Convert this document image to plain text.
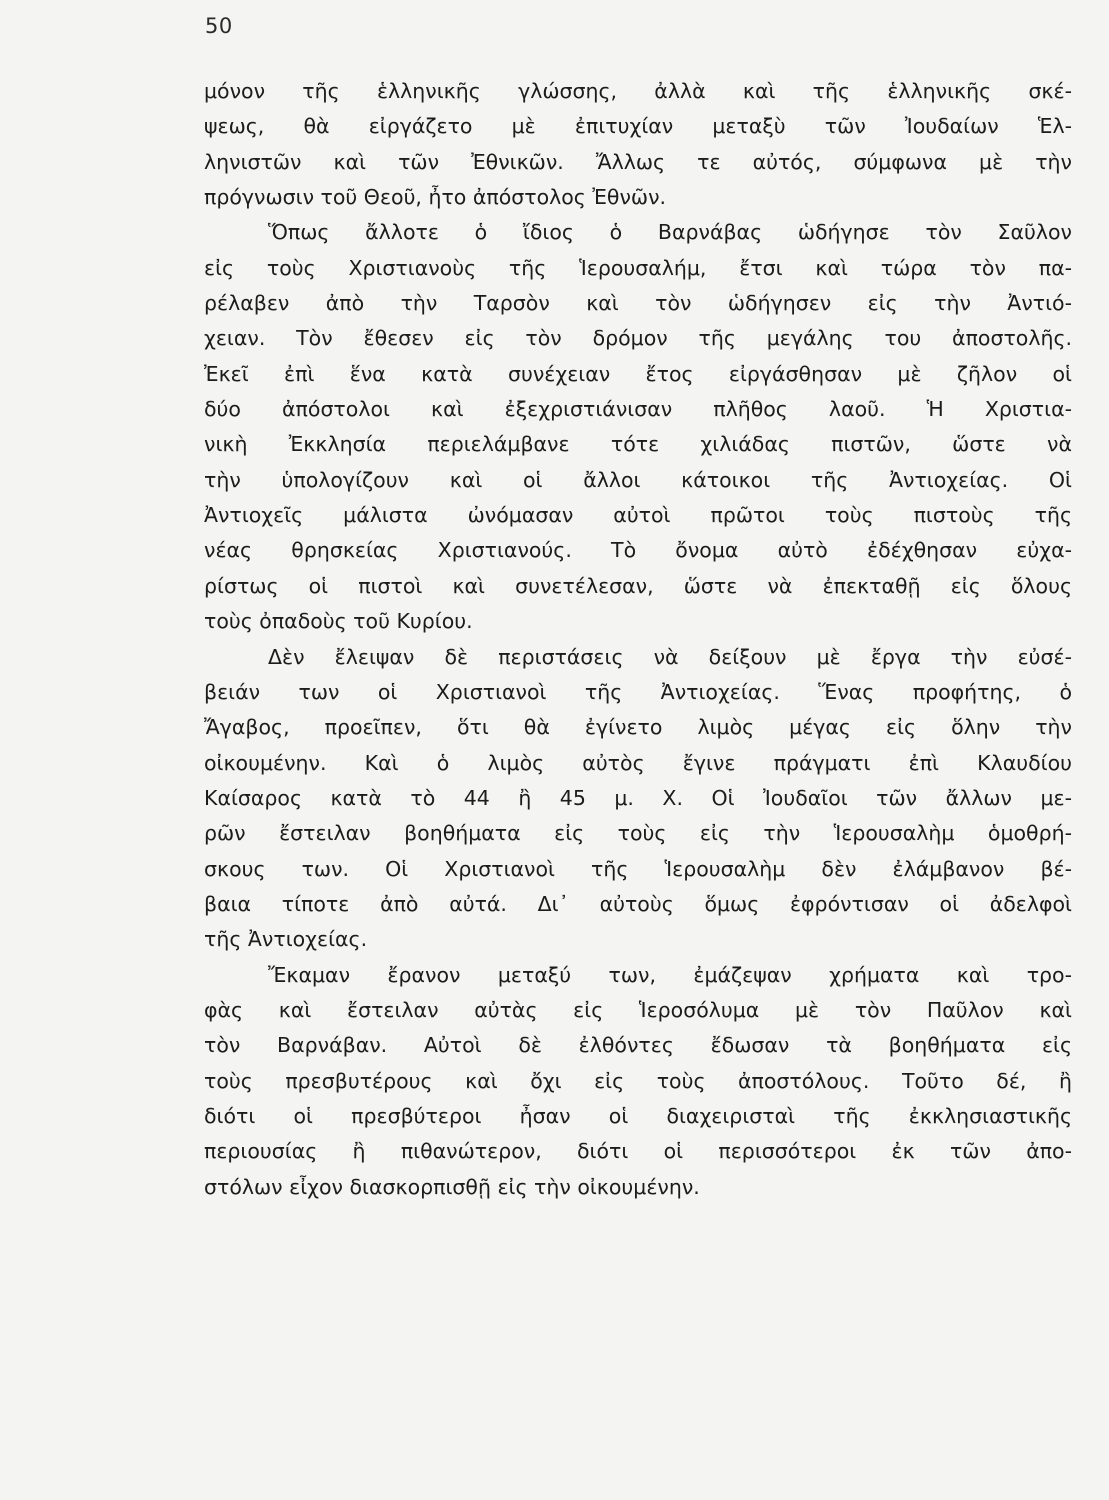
50
μόνον τῆς ἑλληνικῆς γλώσσης, ἀλλὰ καὶ τῆς ἑλληνικῆς σκέ-
ψεως, θὰ εἰργάζετο μὲ ἐπιτυχίαν μεταξὺ τῶν Ἰουδαίων Ἑλ-
ληνιστῶν καὶ τῶν Ἐθνικῶν. Ἄλλως τε αὐτός, σύμφωνα μὲ τὴν
πρόγνωσιν τοῦ Θεοῦ, ἦτο ἀπόστολος Ἐθνῶν.
Ὅπως ἄλλοτε ὁ ἴδιος ὁ Βαρνάβας ὡδήγησε τὸν Σαῦλον
εἰς τοὺς Χριστιανοὺς τῆς Ἱερουσαλήμ, ἔτσι καὶ τώρα τὸν πα-
ρέλαβεν ἀπὸ τὴν Ταρσὸν καὶ τὸν ὡδήγησεν εἰς τὴν Ἀντιό-
χειαν. Τὸν ἔθεσεν εἰς τὸν δρόμον τῆς μεγάλης του ἀποστολῆς.
Ἐκεῖ ἐπὶ ἕνα κατὰ συνέχειαν ἔτος εἰργάσθησαν μὲ ζῆλον οἱ
δύο ἀπόστολοι καὶ ἐξεχριστιάνισαν πλῆθος λαοῦ. Ἡ Χριστια-
νικὴ Ἐκκλησία περιελάμβανε τότε χιλιάδας πιστῶν, ὥστε νὰ
τὴν ὑπολογίζουν καὶ οἱ ἄλλοι κάτοικοι τῆς Ἀντιοχείας. Οἱ
Ἀντιοχεῖς μάλιστα ὠνόμασαν αὐτοὶ πρῶτοι τοὺς πιστοὺς τῆς
νέας θρησκείας Χριστιανούς. Τὸ ὄνομα αὐτὸ ἐδέχθησαν εὐχα-
ρίστως οἱ πιστοὶ καὶ συνετέλεσαν, ὥστε νὰ ἐπεκταθῇ εἰς ὅλους
τοὺς ὀπαδοὺς τοῦ Κυρίου.
Δὲν ἔλειψαν δὲ περιστάσεις νὰ δείξουν μὲ ἔργα τὴν εὐσέ-
βειάν των οἱ Χριστιανοὶ τῆς Ἀντιοχείας. Ἕνας προφήτης, ὁ
Ἄγαβος, προεῖπεν, ὅτι θὰ ἐγίνετο λιμὸς μέγας εἰς ὅλην τὴν
οἰκουμένην. Καὶ ὁ λιμὸς αὐτὸς ἔγινε πράγματι ἐπὶ Κλαυδίου
Καίσαρος κατὰ τὸ 44 ἢ 45 μ. Χ. Οἱ Ἰουδαῖοι τῶν ἄλλων με-
ρῶν ἔστειλαν βοηθήματα εἰς τοὺς εἰς τὴν Ἱερουσαλὴμ ὁμοθρή-
σκους των. Οἱ Χριστιανοὶ τῆς Ἱερουσαλὴμ δὲν ἐλάμβανον βέ-
βαια τίποτε ἀπὸ αὐτά. Δι᾽ αὐτοὺς ὅμως ἐφρόντισαν οἱ ἀδελφοὶ
τῆς Ἀντιοχείας.
Ἔκαμαν ἔρανον μεταξύ των, ἐμάζεψαν χρήματα καὶ τρο-
φὰς καὶ ἔστειλαν αὐτὰς εἰς Ἱεροσόλυμα μὲ τὸν Παῦλον καὶ
τὸν Βαρνάβαν. Αὐτοὶ δὲ ἐλθόντες ἔδωσαν τὰ βοηθήματα εἰς
τοὺς πρεσβυτέρους καὶ ὄχι εἰς τοὺς ἀποστόλους. Τοῦτο δέ, ἢ
διότι οἱ πρεσβύτεροι ἦσαν οἱ διαχειρισταὶ τῆς ἐκκλησιαστικῆς
περιουσίας ἢ πιθανώτερον, διότι οἱ περισσότεροι ἐκ τῶν ἀπο-
στόλων εἶχον διασκορπισθῇ εἰς τὴν οἰκουμένην.
